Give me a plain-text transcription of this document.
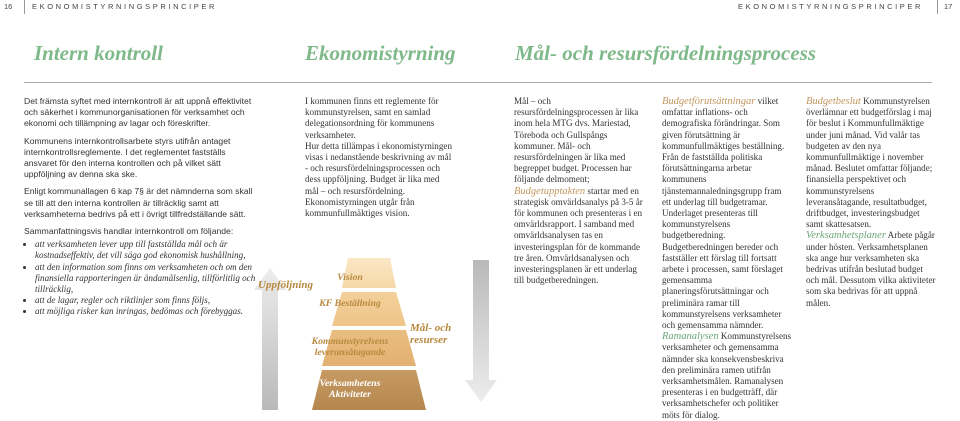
16	EKONOMISTYRNINGSPRINCIPER	EKONOMISTYRNINGSPRINCIPER	17
Intern kontroll	Ekonomistyrning	Mål- och resursfördelningsprocess

Det främsta syftet med internkontroll är att uppnå effektivitet och säkerhet i kommunorganisationen för verksamhet och ekonomi och tillämpning av lagar och föreskrifter.

Kommunens internkontrollsarbete styrs utifrån antaget internkontrollsreglemente. I det reglementet fastställs ansvaret för den interna kontrollen och på vilket sätt uppföljning av denna ska ske.

Enligt kommunallagen 6 kap 7§ är det nämnderna som skall se till att den interna kontrollen är tillräcklig samt att verksamheterna bedrivs på ett i övrigt tillfredställande sätt.

Sammanfattningsvis handlar internkontroll om följande:

• att verksamheten lever upp till fastställda mål och är kostnadseffektiv, det vill säga god ekonomisk hushållning,
• att den information som finns om verksamheten och om den finansiella rapporteringen är ändamålsenlig, tillförlitlig och tillräcklig,
• att de lagar, regler och riktlinjer som finns följs,
• att möjliga risker kan inringas, bedömas och förebyggas.
I kommunen finns ett reglemente för kommunstyrelsen, samt en samlad delegationsordning för kommunens verksamheter.
Hur detta tillämpas i ekonomistyrningen visas i nedanstående beskrivning av mål - och resursfördelningsprocessen och dess uppföljning. Budget är lika med mål – och resursfördelning. Ekonomistyrningen utgår från kommunfullmäktiges vision.
Uppföljning
Mål- och resurser
Vision
KF Beställning
Kommunstyrelsens leveransåtagande
Verksamhetens Aktiviteter
Mål – och resursfördelningsprocessen är lika inom hela MTG dvs. Mariestad, Töreboda och Gullspångs kommuner. Mål- och resursfördelningen är lika med begreppet budget. Processen har följande delmoment;
Budgetupptakten startar med en strategisk omvärldsanalys på 3-5 år för kommunen och presenteras i en omvärldsrapport. I samband med omvärldsanalysen tas en investeringsplan för de kommande tre åren. Omvärldsanalysen och investeringsplanen är ett underlag till budgetberedningen.
Budgetförutsättningar vilket omfattar inflations- och demografiska förändringar. Som given förutsättning är kommunfullmäktiges beställning. Från de fastställda politiska förutsättningarna arbetar kommunens tjänstemannaledningsgrupp fram ett underlag till budgetramar.
Underlaget presenteras till kommunstyrelsens budgetberedning. Budgetberedningen bereder och fastställer ett förslag till fortsatt arbete i processen, samt förslaget gemensamma planeringsförutsättningar och preliminära ramar till kommunstyrelsens verksamheter och gemensamma nämnder.
Ramanalysen Kommunstyrelsens verksamheter och gemensamma nämnder ska konsekvensbeskriva den preliminära ramen utifrån verksamhetsmålen. Ramanalysen presenteras i en budgetträff, där verksamhetschefer och politiker möts för dialog.
Budgetbeslut Kommunstyrelsen överlämnar ett budgetförslag i maj för beslut i Kommunfullmäktige under juni månad. Vid valår tas budgeten av den nya kommunfullmäktige i november månad. Beslutet omfattar följande; finansiella perspektivet och kommunstyrelsens leveransåtagande, resultatbudget, driftbudget, investeringsbudget samt skattesatsen.
Verksamhetsplaner Arbete pågår under hösten. Verksamhetsplanen ska ange hur verksamheten ska bedrivas utifrån beslutad budget och mål. Dessutom vilka aktiviteter som ska bedrivas för att uppnå målen.
